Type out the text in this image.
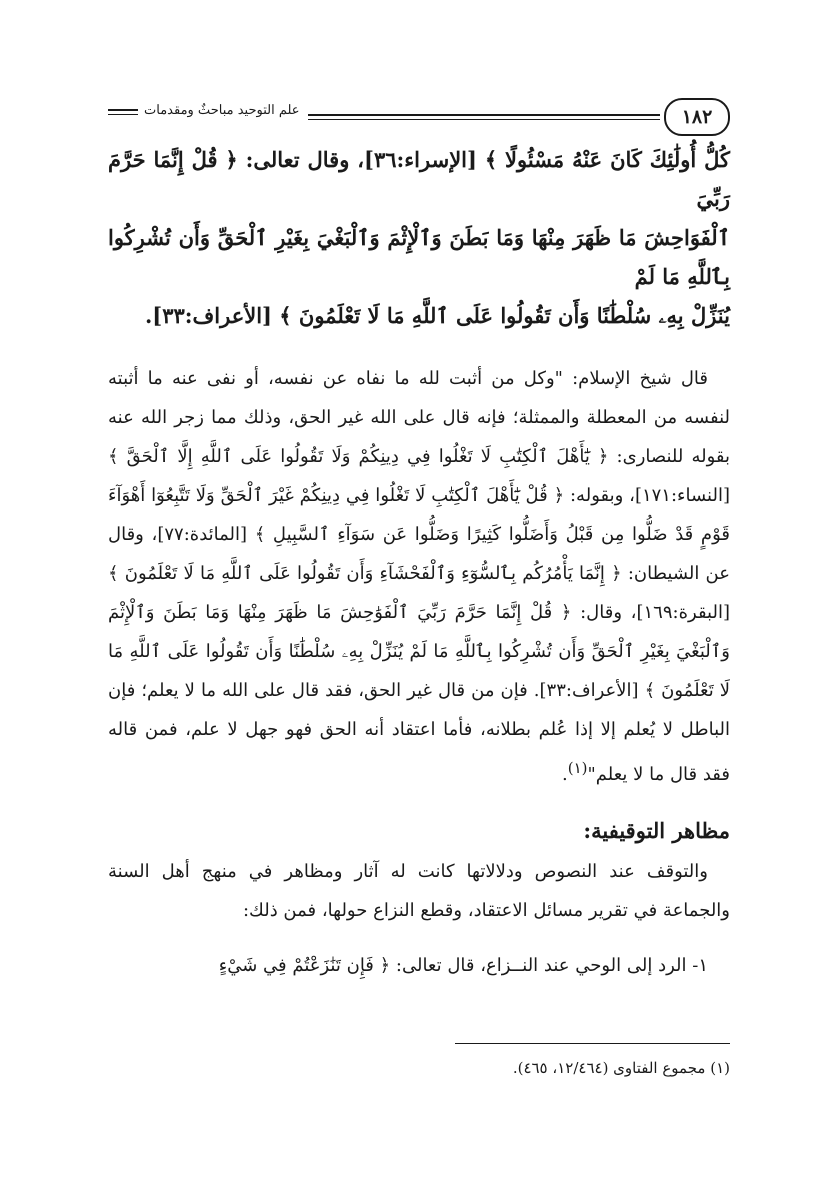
١٨٢
علم التوحيد مباحثٌ ومقدمات

كُلُّ أُولَٰئِكَ كَانَ عَنْهُ مَسْئُولًا ﴾ [الإسراء:٣٦]، وقال تعالى: ﴿ قُلْ إِنَّمَا حَرَّمَ رَبِّيَ

ٱلْفَوَاحِشَ مَا ظَهَرَ مِنْهَا وَمَا بَطَنَ وَٱلْإِثْمَ وَٱلْبَغْيَ بِغَيْرِ ٱلْحَقِّ وَأَن تُشْرِكُوا بِٱللَّهِ مَا لَمْ

يُنَزِّلْ بِهِۦ سُلْطَٰنًا وَأَن تَقُولُوا عَلَى ٱللَّهِ مَا لَا تَعْلَمُونَ ﴾ [الأعراف:٣٣].

قال شيخ الإسلام: "وكل من أثبت لله ما نفاه عن نفسه، أو نفى عنه ما أثبته لنفسه من المعطلة والممثلة؛ فإنه قال على الله غير الحق، وذلك مما زجر الله عنه بقوله للنصارى: ﴿ يَٰٓأَهْلَ ٱلْكِتَٰبِ لَا تَغْلُوا فِي دِينِكُمْ وَلَا تَقُولُوا عَلَى ٱللَّهِ إِلَّا ٱلْحَقَّ ﴾ [النساء:١٧١]، وبقوله: ﴿ قُلْ يَٰٓأَهْلَ ٱلْكِتَٰبِ لَا تَغْلُوا فِي دِينِكُمْ غَيْرَ ٱلْحَقِّ وَلَا تَتَّبِعُوٓا أَهْوَآءَ قَوْمٍ قَدْ ضَلُّوا مِن قَبْلُ وَأَضَلُّوا كَثِيرًا وَضَلُّوا عَن سَوَآءِ ٱلسَّبِيلِ ﴾ [المائدة:٧٧]، وقال عن الشيطان: ﴿ إِنَّمَا يَأْمُرُكُم بِٱلسُّوٓءِ وَٱلْفَحْشَآءِ وَأَن تَقُولُوا عَلَى ٱللَّهِ مَا لَا تَعْلَمُونَ ﴾ [البقرة:١٦٩]، وقال: ﴿ قُلْ إِنَّمَا حَرَّمَ رَبِّيَ ٱلْفَوَٰحِشَ مَا ظَهَرَ مِنْهَا وَمَا بَطَنَ وَٱلْإِثْمَ وَٱلْبَغْيَ بِغَيْرِ ٱلْحَقِّ وَأَن تُشْرِكُوا بِٱللَّهِ مَا لَمْ يُنَزِّلْ بِهِۦ سُلْطَٰنًا وَأَن تَقُولُوا عَلَى ٱللَّهِ مَا لَا تَعْلَمُونَ ﴾ [الأعراف:٣٣]. فإن من قال غير الحق، فقد قال على الله ما لا يعلم؛ فإن الباطل لا يُعلم إلا إذا عُلم بطلانه، فأما اعتقاد أنه الحق فهو جهل لا علم، فمن قاله فقد قال ما لا يعلم"$^{(١)}$.

مظاهر التوقيفية:

والتوقف عند النصوص ودلالاتها كانت له آثار ومظاهر في منهج أهل السنة والجماعة في تقرير مسائل الاعتقاد، وقطع النزاع حولها، فمن ذلك:

١- الرد إلى الوحي عند النــزاع، قال تعالى: ﴿ فَإِن تَنَٰزَعْتُمْ فِي شَيْءٍ

(١) مجموع الفتاوى (١٢/٤٦٤، ٤٦٥).
